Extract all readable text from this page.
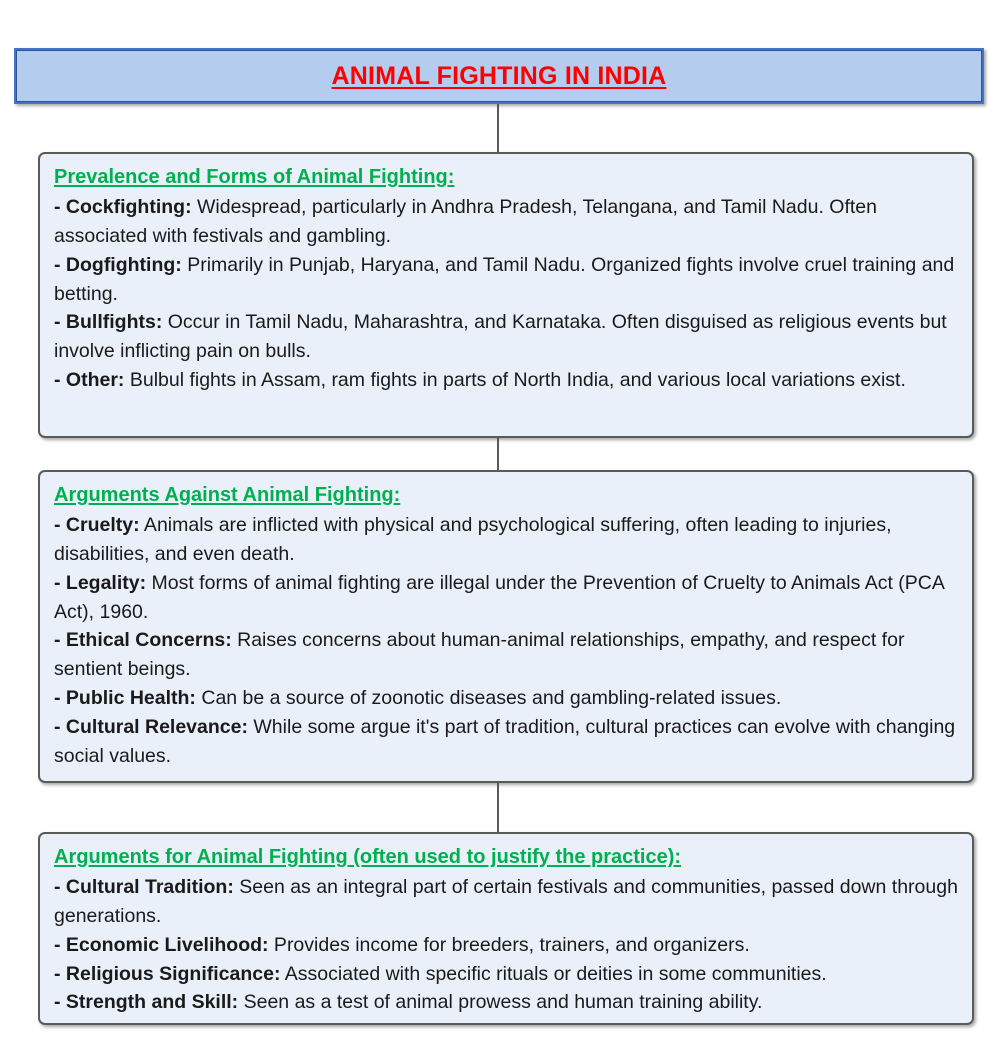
ANIMAL FIGHTING IN INDIA
Prevalence and Forms of Animal Fighting:

- Cockfighting: Widespread, particularly in Andhra Pradesh, Telangana, and Tamil Nadu. Often associated with festivals and gambling.

- Dogfighting: Primarily in Punjab, Haryana, and Tamil Nadu. Organized fights involve cruel training and betting.

- Bullfights: Occur in Tamil Nadu, Maharashtra, and Karnataka. Often disguised as religious events but involve inflicting pain on bulls.

- Other: Bulbul fights in Assam, ram fights in parts of North India, and various local variations exist.

Arguments Against Animal Fighting:

- Cruelty: Animals are inflicted with physical and psychological suffering, often leading to injuries, disabilities, and even death.

- Legality: Most forms of animal fighting are illegal under the Prevention of Cruelty to Animals Act (PCA Act), 1960.

- Ethical Concerns: Raises concerns about human-animal relationships, empathy, and respect for sentient beings.

- Public Health: Can be a source of zoonotic diseases and gambling-related issues.

- Cultural Relevance: While some argue it's part of tradition, cultural practices can evolve with changing social values.

Arguments for Animal Fighting (often used to justify the practice):

- Cultural Tradition: Seen as an integral part of certain festivals and communities, passed down through generations.

- Economic Livelihood: Provides income for breeders, trainers, and organizers.

- Religious Significance: Associated with specific rituals or deities in some communities.

- Strength and Skill: Seen as a test of animal prowess and human training ability.
